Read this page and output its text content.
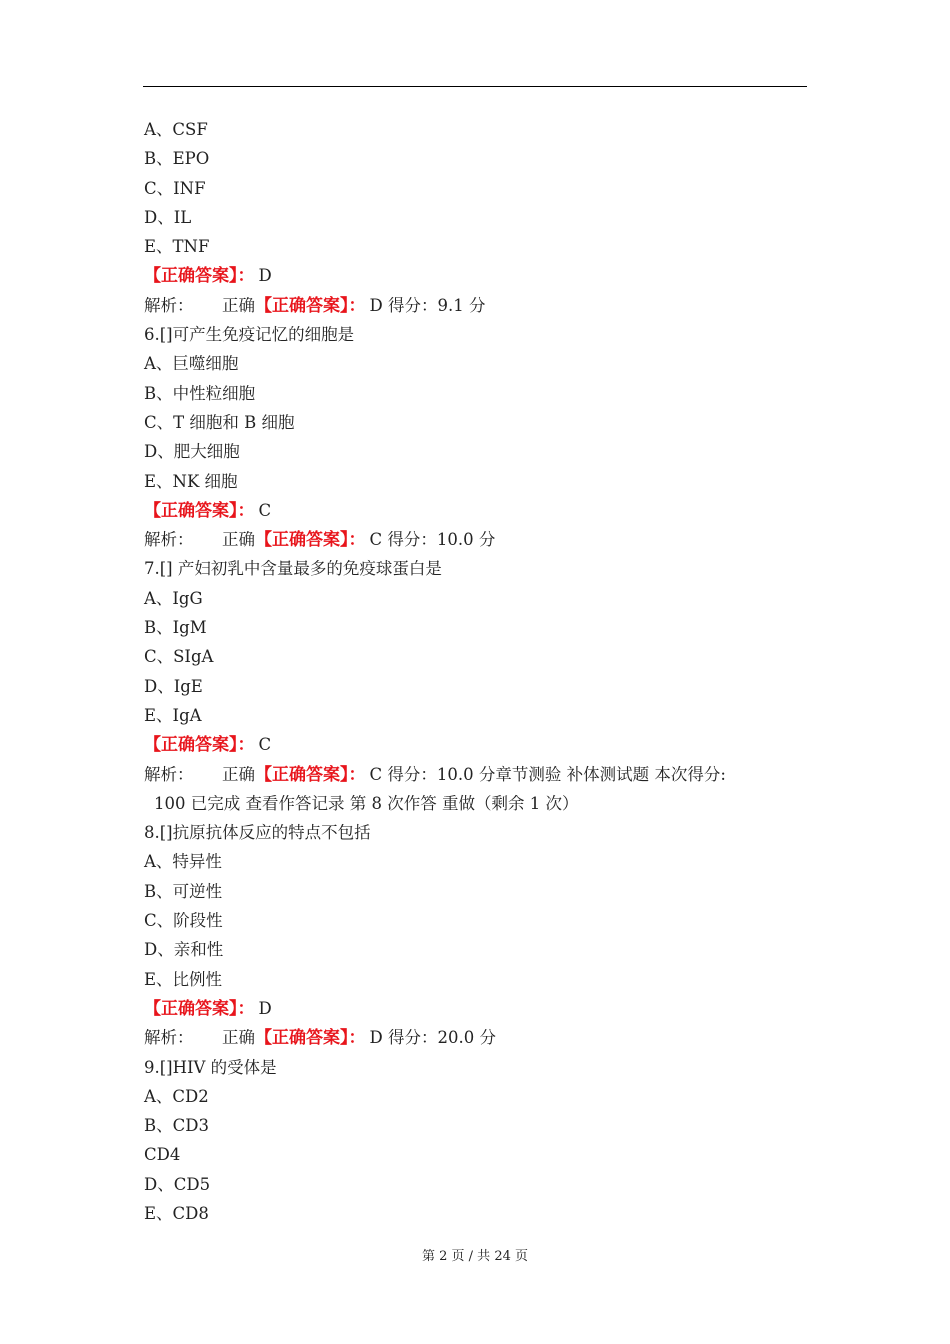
A、CSF
B、EPO
C、INF
D、IL
E、TNF
【正确答案】： D
解析： 正确【正确答案】： D 得分：9.1 分
6.[]可产生免疫记忆的细胞是
A、巨噬细胞
B、中性粒细胞
C、T 细胞和 B 细胞
D、肥大细胞
E、NK 细胞
【正确答案】： C
解析： 正确【正确答案】： C 得分：10.0 分
7.[] 产妇初乳中含量最多的免疫球蛋白是
A、IgG
B、IgM
C、SIgA
D、IgE
E、IgA
【正确答案】： C
解析： 正确【正确答案】： C 得分：10.0 分章节测验 补体测试题 本次得分:
100 已完成 查看作答记录 第 8 次作答 重做（剩余 1 次）
8.[]抗原抗体反应的特点不包括
A、特异性
B、可逆性
C、阶段性
D、亲和性
E、比例性
【正确答案】： D
解析： 正确【正确答案】： D 得分：20.0 分
9.[]HIV 的受体是
A、CD2
B、CD3
CD4
D、CD5
E、CD8
第 2 页 / 共 24 页
